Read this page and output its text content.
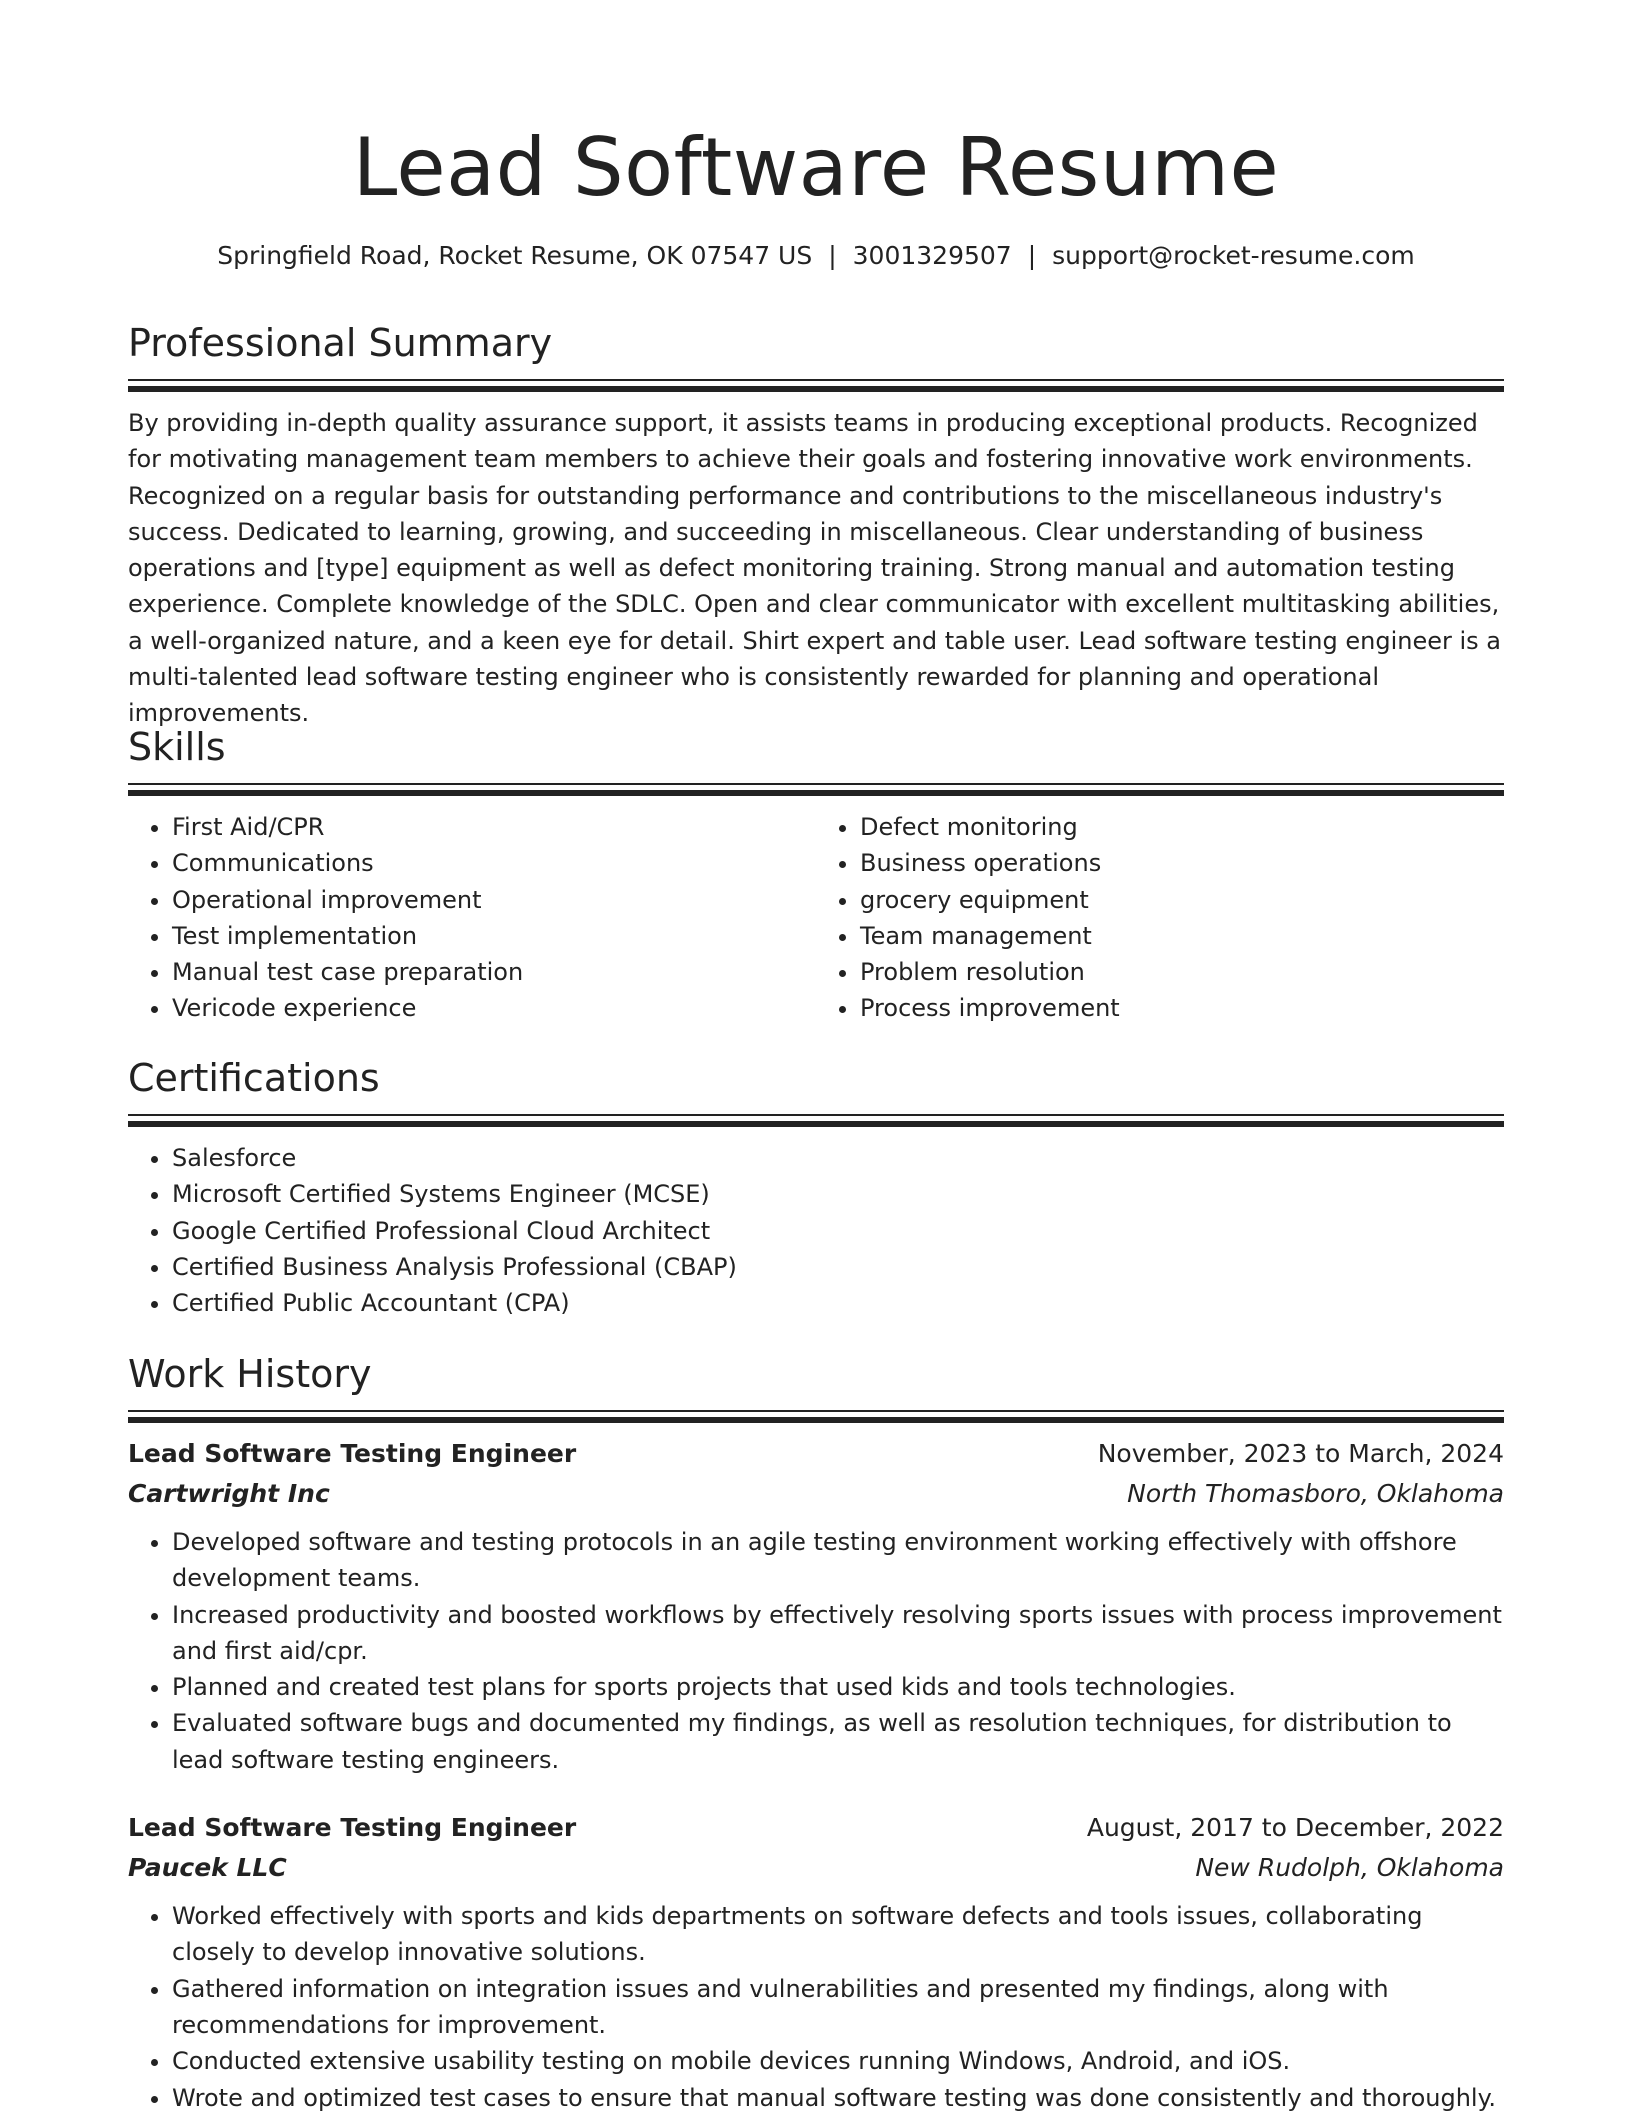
Lead Software Resume

Springfield Road, Rocket Resume, OK 07547 US | 3001329507 | support@rocket-resume.com

Professional Summary

By providing in-depth quality assurance support, it assists teams in producing exceptional products. Recognized for motivating management team members to achieve their goals and fostering innovative work environments. Recognized on a regular basis for outstanding performance and contributions to the miscellaneous industry's success. Dedicated to learning, growing, and succeeding in miscellaneous. Clear understanding of business operations and [type] equipment as well as defect monitoring training. Strong manual and automation testing experience. Complete knowledge of the SDLC. Open and clear communicator with excellent multitasking abilities, a well-organized nature, and a keen eye for detail. Shirt expert and table user. Lead software testing engineer is a multi-talented lead software testing engineer who is consistently rewarded for planning and operational improvements.

Skills
• First Aid/CPR
• Communications
• Operational improvement
• Test implementation
• Manual test case preparation
• Vericode experience
• Defect monitoring
• Business operations
• grocery equipment
• Team management
• Problem resolution
• Process improvement
Certifications
• Salesforce
• Microsoft Certified Systems Engineer (MCSE)
• Google Certified Professional Cloud Architect
• Certified Business Analysis Professional (CBAP)
• Certified Public Accountant (CPA)
Work History
Lead Software Testing Engineer	November, 2023 to March, 2024
Cartwright Inc	North Thomasboro, Oklahoma
• Developed software and testing protocols in an agile testing environment working effectively with offshore development teams.
• Increased productivity and boosted workflows by effectively resolving sports issues with process improvement and first aid/cpr.
• Planned and created test plans for sports projects that used kids and tools technologies.
• Evaluated software bugs and documented my findings, as well as resolution techniques, for distribution to lead software testing engineers.
Lead Software Testing Engineer	August, 2017 to December, 2022
Paucek LLC	New Rudolph, Oklahoma
• Worked effectively with sports and kids departments on software defects and tools issues, collaborating closely to develop innovative solutions.
• Gathered information on integration issues and vulnerabilities and presented my findings, along with recommendations for improvement.
• Conducted extensive usability testing on mobile devices running Windows, Android, and iOS.
• Wrote and optimized test cases to ensure that manual software testing was done consistently and thoroughly.
